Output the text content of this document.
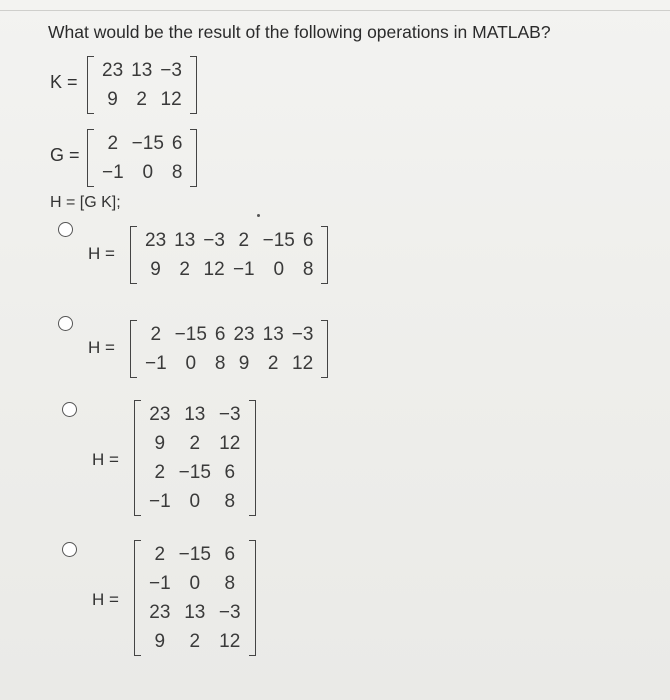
What would be the result of the following operations in MATLAB?
K =
23 13 −3
9 2 12
G =
2 −15 6
−1 0 8
H = [G K];
H =
23 13 −3 2 −15 6
9 2 12 −1 0 8
H =
2 −15 6 23 13 −3
−1 0 8 9 2 12
H =
23 13 −3
9	2	12
2 −15 6
−1 0	8
H =
2 −15 6
−1 0	8
23 13 −3
9	2	12
